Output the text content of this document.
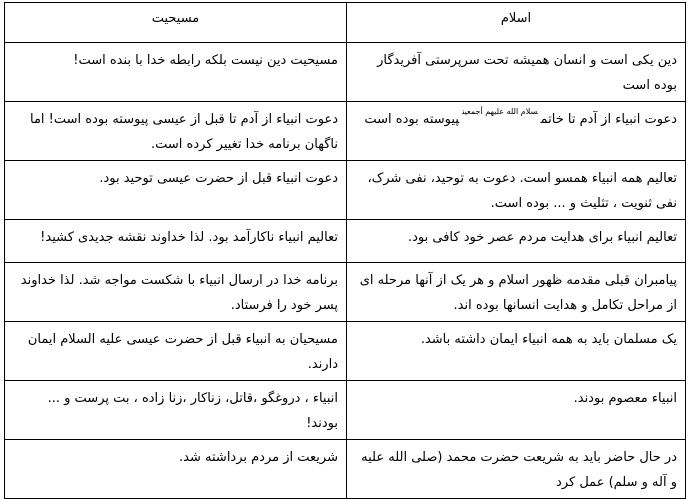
اسلام	مسیحیت
دین یکی است و انسان همیشه تحت سرپرستی آفریدگار بوده است	مسیحیت دین نیست بلکه رابطه خدا با بنده است!
دعوت انبیاء از آدم تا خاتم$^{سلام الله علیهم أجمعین}$پیوسته بوده است	دعوت انبیاء از آدم تا قبل از عیسی پیوسته بوده است! اما ناگهان برنامه خدا تغییر کرده است.
تعالیم همه انبیاء همسو است. دعوت به توحید، نفی شرک، نفی ثنویت ، تثلیث و ... بوده است.	دعوت انبیاء قبل از حضرت عیسی توحید بود.
تعالیم انبیاء برای هدایت مردم عصر خود کافی بود.	تعالیم انبیاء ناکارآمد بود. لذا خداوند نقشه جدیدی کشید!
پیامبران قبلی مقدمه ظهور اسلام و هر یک از آنها مرحله ای از مراحل تکامل و هدایت انسانها بوده اند.	برنامه خدا در ارسال انبیاء با شکست مواجه شد. لذا خداوند پسر خود را فرستاد.
یک مسلمان باید به همه انبیاء ایمان داشته باشد.	مسیحیان به انبیاء قبل از حضرت عیسی علیه السلام ایمان دارند.
انبیاء معصوم بودند.	انبیاء ، دروغگو ،قاتل، زناکار ،زنا زاده ، بت پرست و ... بودند!
در حال حاضر باید به شریعت حضرت محمد (صلی الله علیه و آله و سلم) عمل کرد	شریعت از مردم برداشته شد.
